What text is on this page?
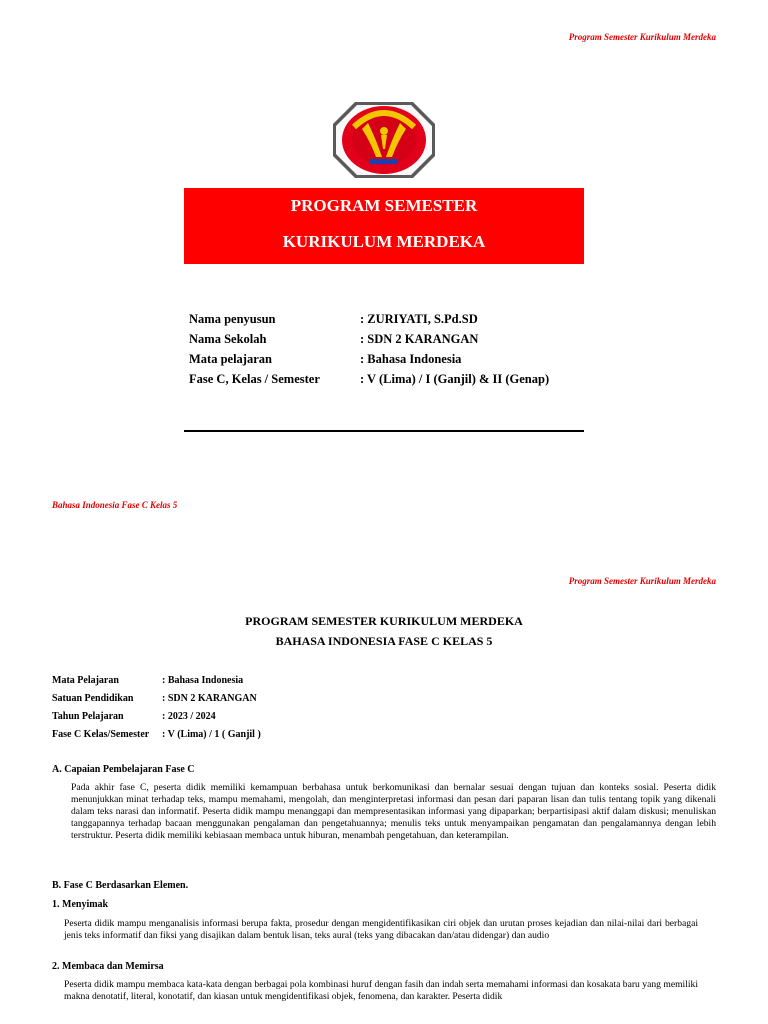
Program Semester Kurikulum Merdeka
PROGRAM SEMESTER
KURIKULUM MERDEKA
Nama penyusun	: ZURIYATI, S.Pd.SD
Nama Sekolah	: SDN 2 KARANGAN
Mata pelajaran	: Bahasa Indonesia
Fase C, Kelas / Semester	: V (Lima) / I (Ganjil) & II (Genap)
Bahasa Indonesia Fase C Kelas 5
Program Semester Kurikulum Merdeka
PROGRAM SEMESTER KURIKULUM MERDEKA
BAHASA INDONESIA FASE C KELAS 5
Mata Pelajaran	: Bahasa Indonesia
Satuan Pendidikan	: SDN 2 KARANGAN
Tahun Pelajaran	: 2023 / 2024
Fase C Kelas/Semester : V (Lima) / 1 ( Ganjil )
A. Capaian Pembelajaran Fase C
Pada akhir fase C, peserta didik memiliki kemampuan berbahasa untuk berkomunikasi dan bernalar sesuai dengan tujuan dan konteks sosial. Peserta didik menunjukkan minat terhadap teks, mampu memahami, mengolah, dan menginterpretasi informasi dan pesan dari paparan lisan dan tulis tentang topik yang dikenali dalam teks narasi dan informatif. Peserta didik mampu menanggapi dan mempresentasikan informasi yang dipaparkan; berpartisipasi aktif dalam diskusi; menuliskan tanggapannya terhadap bacaan menggunakan pengalaman dan pengetahuannya; menulis teks untuk menyampaikan pengamatan dan pengalamannya dengan lebih terstruktur. Peserta didik memiliki kebiasaan membaca untuk hiburan, menambah pengetahuan, dan keterampilan.
B. Fase C Berdasarkan Elemen.
1. Menyimak
Peserta didik mampu menganalisis informasi berupa fakta, prosedur dengan mengidentifikasikan ciri objek dan urutan proses kejadian dan nilai-nilai dari berbagai jenis teks informatif dan fiksi yang disajikan dalam bentuk lisan, teks aural (teks yang dibacakan dan/atau didengar) dan audio
2. Membaca dan Memirsa
Peserta didik mampu membaca kata-kata dengan berbagai pola kombinasi huruf dengan fasih dan indah serta memahami informasi dan kosakata baru yang memiliki makna denotatif, literal, konotatif, dan kiasan untuk mengidentifikasi objek, fenomena, dan karakter. Peserta didik
